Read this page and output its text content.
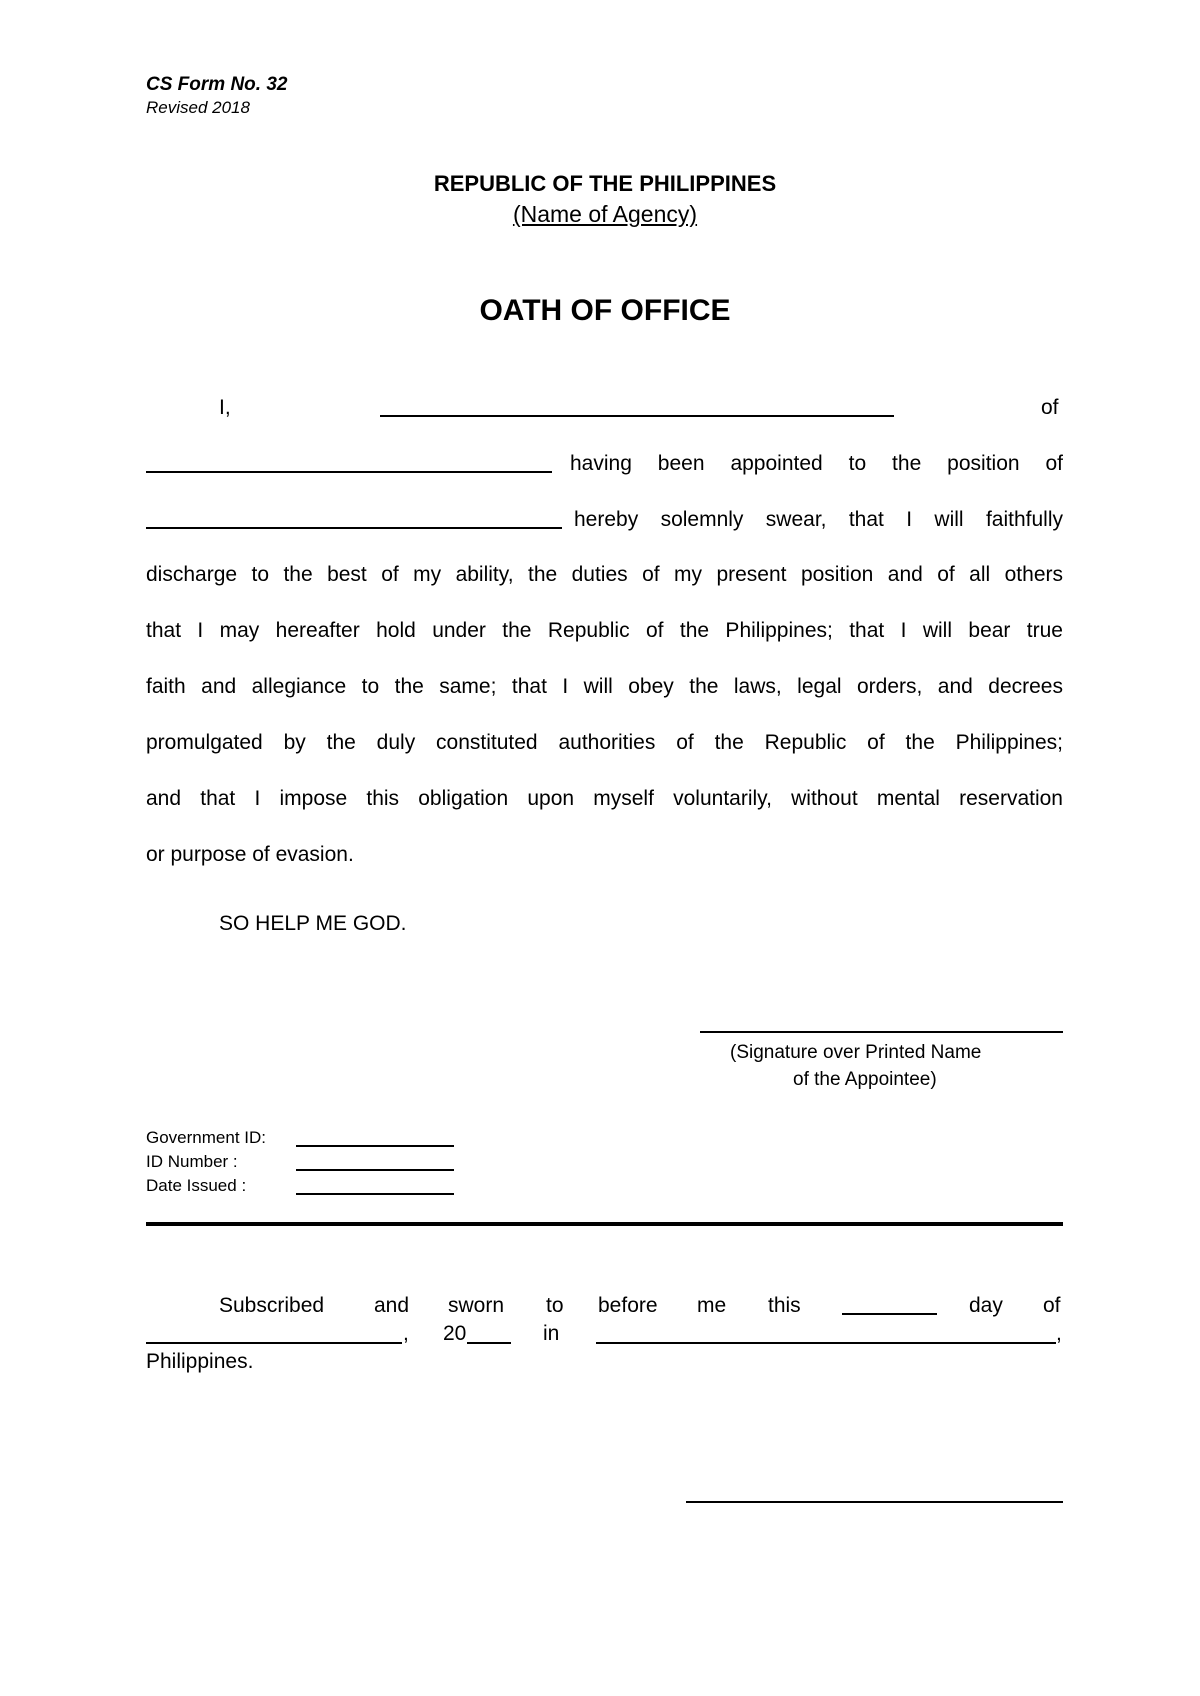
CS Form No. 32
Revised 2018
REPUBLIC OF THE PHILIPPINES
(Name of Agency)
OATH OF OFFICE
I,	of
having been appointed to the position of
hereby solemnly swear, that I will faithfully
discharge to the best of my ability, the duties of my present position and of all others
that I may hereafter hold under the Republic of the Philippines; that I will bear true
faith and allegiance to the same; that I will obey the laws, legal orders, and decrees
promulgated by the duly constituted authorities of the Republic of the Philippines;
and that I impose this obligation upon myself voluntarily, without mental reservation
or purpose of evasion.
SO HELP ME GOD.
(Signature over Printed Name
of the Appointee)
Government ID:
ID Number :
Date Issued :
Subscribed and sworn to before me this	day of
, 20	in	,
Philippines.
